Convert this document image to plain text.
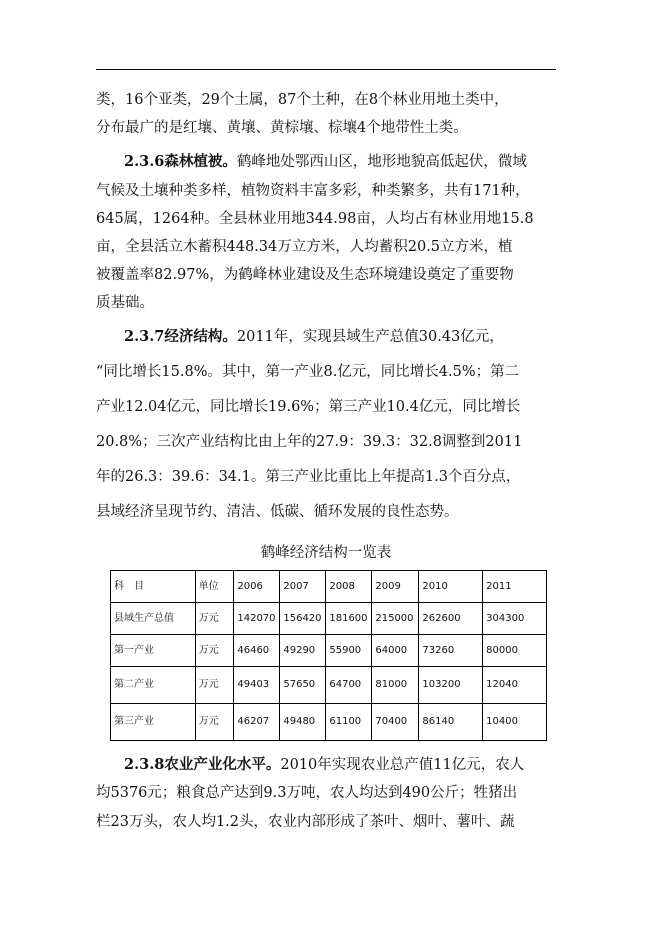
类，16个亚类，29个土属，87个土种，在8个林业用地土类中，
分布最广的是红壤、黄壤、黄棕壤、棕壤4个地带性土类。
2.3.6森林植被。鹤峰地处鄂西山区，地形地貌高低起伏，微域
气候及土壤种类多样，植物资料丰富多彩，种类繁多，共有171种，
645属，1264种。全县林业用地344.98亩，人均占有林业用地15.8
亩，全县活立木蓄积448.34万立方米，人均蓄积20.5立方米，植
被覆盖率82.97%，为鹤峰林业建设及生态环境建设奠定了重要物
质基础。
2.3.7经济结构。2011年，实现县域生产总值30.43亿元，
“同比增长15.8%。其中，第一产业8.亿元，同比增长4.5%；第二
产业12.04亿元，同比增长19.6%；第三产业10.4亿元，同比增长
20.8%；三次产业结构比由上年的27.9：39.3：32.8调整到2011
年的26.3：39.6：34.1。第三产业比重比上年提高1.3个百分点，
县域经济呈现节约、清洁、低碳、循环发展的良性态势。
鹤峰经济结构一览表
科　目	单位	2006	2007	2008	2009	2010	2011
县域生产总值	万元	142070	156420	181600	215000	262600	304300
第一产业	万元	46460	49290	55900	64000	73260	80000
第二产业	万元	49403	57650	64700	81000	103200	12040
第三产业	万元	46207	49480	61100	70400	86140	10400
2.3.8农业产业化水平。2010年实现农业总产值11亿元，农人
均5376元；粮食总产达到9.3万吨，农人均达到490公斤；牲猪出
栏23万头，农人均1.2头，农业内部形成了茶叶、烟叶、薯叶、蔬
